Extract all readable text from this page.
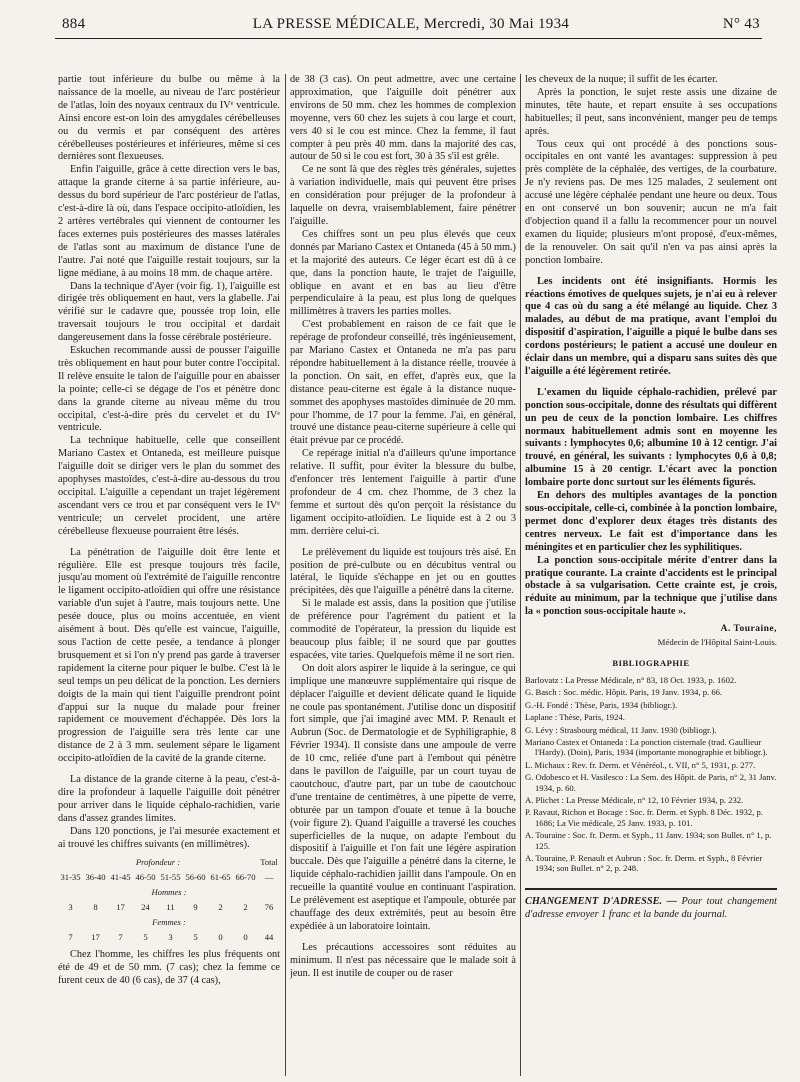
884	LA PRESSE MÉDICALE, Mercredi, 30 Mai 1934	N° 43

partie tout inférieure du bulbe ou même à la naissance de la moelle, au niveau de l'arc postérieur de l'atlas, loin des noyaux centraux du IVᵉ ventricule. Ainsi encore est-on loin des amygdales cérébelleuses ou du vermis et par conséquent des artères cérébelleuses postérieures et inférieures, même si ces dernières sont flexueuses.

Enfin l'aiguille, grâce à cette direction vers le bas, attaque la grande citerne à sa partie inférieure, au-dessus du bord supérieur de l'arc postérieur de l'atlas, c'est-à-dire là où, dans l'espace occipito-atloïdien, les 2 artères vertébrales qui viennent de contourner les faces externes puis postérieures des masses latérales de l'atlas sont au maximum de distance l'une de l'autre. J'ai noté que l'aiguille restait toujours, sur la ligne médiane, à au moins 18 mm. de chaque artère.

Dans la technique d'Ayer (voir fig. 1), l'aiguille est dirigée très obliquement en haut, vers la glabelle. J'ai vérifié sur le cadavre que, poussée trop loin, elle traversait toujours le trou occipital et dardait dangereusement dans la fosse cérébrale postérieure.

Eskuchen recommande aussi de pousser l'aiguille très obliquement en haut pour buter contre l'occipital. Il relève ensuite le talon de l'aiguille pour en abaisser la pointe; celle-ci se dégage de l'os et pénètre donc dans la grande citerne au niveau même du trou occipital, c'est-à-dire près du cervelet et du IVᵉ ventricule.

La technique habituelle, celle que conseillent Mariano Castex et Ontaneda, est meilleure puisque l'aiguille doit se diriger vers le plan du sommet des apophyses mastoïdes, c'est-à-dire au-dessous du trou occipital. L'aiguille a cependant un trajet légèrement ascendant vers ce trou et par conséquent vers le IVᵉ ventricule; un cervelet procident, une artère cérébelleuse flexueuse pourraient être lésés.

La pénétration de l'aiguille doit être lente et régulière. Elle est presque toujours très facile, jusqu'au moment où l'extrémité de l'aiguille rencontre le ligament occipito-atloïdien qui offre une résistance variable d'un sujet à l'autre, mais toujours nette. Une pesée douce, plus ou moins accentuée, en vient aisément à bout. Dès qu'elle est vaincue, l'aiguille, sous l'action de cette pesée, a tendance à plonger brusquement et si l'on n'y prend pas garde à traverser rapidement la citerne pour piquer le bulbe. C'est là le seul temps un peu délicat de la ponction. Les derniers doigts de la main qui tient l'aiguille prendront point d'appui sur la nuque du malade pour freiner rapidement ce mouvement d'échappée. Dès lors la progression de l'aiguille sera très lente car une distance de 2 à 3 mm. seulement sépare le ligament occipito-atloïdien de la cavité de la grande citerne.

La distance de la grande citerne à la peau, c'est-à-dire la profondeur à laquelle l'aiguille doit pénétrer pour arriver dans le liquide céphalo-rachidien, varie dans d'assez grandes limites.

Dans 120 ponctions, je l'ai mesurée exactement et ai trouvé les chiffres suivants (en millimètres).

Profondeur :								Total
31-35	36-40	41-45	46-50	51-55	56-60	61-65	66-70	—
Hommes :								
3	8	17	24	11	9	2	2	76
Femmes :								
7	17	7	5	3	5	0	0	44

Chez l'homme, les chiffres les plus fréquents ont été de 49 et de 50 mm. (7 cas); chez la femme ce furent ceux de 40 (6 cas), de 37 (4 cas),

de 38 (3 cas). On peut admettre, avec une certaine approximation, que l'aiguille doit pénétrer aux environs de 50 mm. chez les hommes de complexion moyenne, vers 60 chez les sujets à cou large et court, vers 40 si le cou est mince. Chez la femme, il faut compter à peu près 40 mm. dans la majorité des cas, autour de 50 si le cou est fort, 30 à 35 s'il est grêle.

Ce ne sont là que des règles très générales, sujettes à variation individuelle, mais qui peuvent être prises en considération pour préjuger de la profondeur à laquelle on devra, vraisemblablement, faire pénétrer l'aiguille.

Ces chiffres sont un peu plus élevés que ceux donnés par Mariano Castex et Ontaneda (45 à 50 mm.) et la majorité des auteurs. Ce léger écart est dû à ce que, dans la ponction haute, le trajet de l'aiguille, oblique en avant et en bas au lieu d'être perpendiculaire à la peau, est plus long de quelques millimètres à travers les parties molles.

C'est probablement en raison de ce fait que le repérage de profondeur conseillé, très ingénieusement, par Mariano Castex et Ontaneda ne m'a pas paru répondre habituellement à la distance réelle, trouvée à la ponction. On sait, en effet, d'après eux, que la distance peau-citerne est égale à la distance nuque-sommet des apophyses mastoïdes diminuée de 20 mm. pour l'homme, de 17 pour la femme. J'ai, en général, trouvé une distance peau-citerne supérieure à celle qui était prévue par ce procédé.

Ce repérage initial n'a d'ailleurs qu'une importance relative. Il suffit, pour éviter la blessure du bulbe, d'enfoncer très lentement l'aiguille à partir d'une profondeur de 4 cm. chez l'homme, de 3 chez la femme et surtout dès qu'on perçoit la résistance du ligament occipito-atloïdien. Le liquide est à 2 ou 3 mm. derrière celui-ci.

Le prélèvement du liquide est toujours très aisé. En position de pré-culbute ou en décubitus ventral ou latéral, le liquide s'échappe en jet ou en gouttes précipitées, dès que l'aiguille a pénétré dans la citerne.

Si le malade est assis, dans la position que j'utilise de préférence pour l'agrément du patient et la commodité de l'opérateur, la pression du liquide est beaucoup plus faible; il ne sourd que par gouttes espacées, vite taries. Quelquefois même il ne sort rien.

On doit alors aspirer le liquide à la seringue, ce qui implique une manœuvre supplémentaire qui risque de déplacer l'aiguille et devient délicate quand le liquide ne coule pas spontanément. J'utilise donc un dispositif fort simple, que j'ai imaginé avec MM. P. Renault et Aubrun (Soc. de Dermatologie et de Syphiligraphie, 8 Février 1934). Il consiste dans une ampoule de verre de 10 cmc, reliée d'une part à l'embout qui pénètre dans le pavillon de l'aiguille, par un court tuyau de caoutchouc, d'autre part, par un tube de caoutchouc d'une trentaine de centimètres, à une pipette de verre, obturée par un tampon d'ouate et tenue à la bouche (voir figure 2). Quand l'aiguille a traversé les couches superficielles de la nuque, on adapte l'embout du dispositif à l'aiguille et l'on fait une légère aspiration buccale. Dès que l'aiguille a pénétré dans la citerne, le liquide céphalo-rachidien jaillit dans l'ampoule. On en recueille la quantité voulue en continuant l'aspiration. Le prélèvement est aseptique et l'ampoule, obturée par chauffage des deux extrémités, peut au besoin être expédiée à un laboratoire lointain.

Les précautions accessoires sont réduites au minimum. Il n'est pas nécessaire que le malade soit à jeun. Il est inutile de couper ou de raser

les cheveux de la nuque; il suffit de les écarter.

Après la ponction, le sujet reste assis une dizaine de minutes, tête haute, et repart ensuite à ses occupations habituelles; il peut, sans inconvénient, manger peu de temps après.

Tous ceux qui ont procédé à des ponctions sous-occipitales en ont vanté les avantages: suppression à peu près complète de la céphalée, des vertiges, de la courbature. Je n'y reviens pas. De mes 125 malades, 2 seulement ont accusé une légère céphalée pendant une heure ou deux. Tous en ont conservé un bon souvenir; aucun ne m'a fait d'objection quand il a fallu la recommencer pour un nouvel examen du liquide; plusieurs m'ont proposé, d'eux-mêmes, de la renouveler. On sait qu'il n'en va pas ainsi après la ponction lombaire.

Les incidents ont été insignifiants. Hormis les réactions émotives de quelques sujets, je n'ai eu à relever que 4 cas où du sang a été mélangé au liquide. Chez 3 malades, au début de ma pratique, avant l'emploi du dispositif d'aspiration, l'aiguille a piqué le bulbe dans ses cordons postérieurs; le patient a accusé une douleur en éclair dans un membre, qui a disparu sans suites dès que l'aiguille a été légèrement retirée.

L'examen du liquide céphalo-rachidien, prélevé par ponction sous-occipitale, donne des résultats qui diffèrent un peu de ceux de la ponction lombaire. Les chiffres normaux habituellement admis sont en moyenne les suivants : lymphocytes 0,6; albumine 10 à 12 centigr. J'ai trouvé, en général, les suivants : lymphocytes 0,6 à 0,8; albumine 15 à 20 centigr. L'écart avec la ponction lombaire porte donc surtout sur les éléments figurés.

En dehors des multiples avantages de la ponction sous-occipitale, celle-ci, combinée à la ponction lombaire, permet donc d'explorer deux étages très distants des centres nerveux. Le fait est d'importance dans les méningites et en particulier chez les syphilitiques.

La ponction sous-occipitale mérite d'entrer dans la pratique courante. La crainte d'accidents est le principal obstacle à sa vulgarisation. Cette crainte est, je crois, réduite au minimum, par la technique que j'utilise dans la « ponction sous-occipitale haute ».

A. Touraine,
Médecin de l'Hôpital Saint-Louis.
BIBLIOGRAPHIE

Barlovatz : La Presse Médicale, n° 83, 18 Oct. 1933, p. 1602.

G. Basch : Soc. médic. Hôpit. Paris, 19 Janv. 1934, p. 66.

G.-H. Fondé : Thèse, Paris, 1934 (bibliogr.).

Laplane : Thèse, Paris, 1924.

G. Lévy : Strasbourg médical, 11 Janv. 1930 (bibliogr.).

Mariano Castex et Ontaneda : La ponction cisternale (trad. Gaullieur l'Hardy). (Doin), Paris, 1934 (importante monographie et bibliogr.).

L. Michaux : Rev. fr. Derm. et Vénéréol., t. VII, n° 5, 1931, p. 277.

G. Odobesco et H. Vasilesco : La Sem. des Hôpit. de Paris, n° 2, 31 Janv. 1934, p. 60.

A. Plichet : La Presse Médicale, n° 12, 10 Février 1934, p. 232.

P. Ravaut, Richon et Bocage : Soc. fr. Derm. et Syph. 8 Déc. 1932, p. 1686; La Vie médicale, 25 Janv. 1933, p. 101.

A. Touraine : Soc. fr. Derm. et Syph., 11 Janv. 1934; son Bullet. n° 1, p. 125.

A. Touraine, P. Renault et Aubrun : Soc. fr. Derm. et Syph., 8 Février 1934; son Bullet. n° 2, p. 248.

CHANGEMENT D'ADRESSE. — Pour tout changement d'adresse envoyer 1 franc et la bande du journal.
